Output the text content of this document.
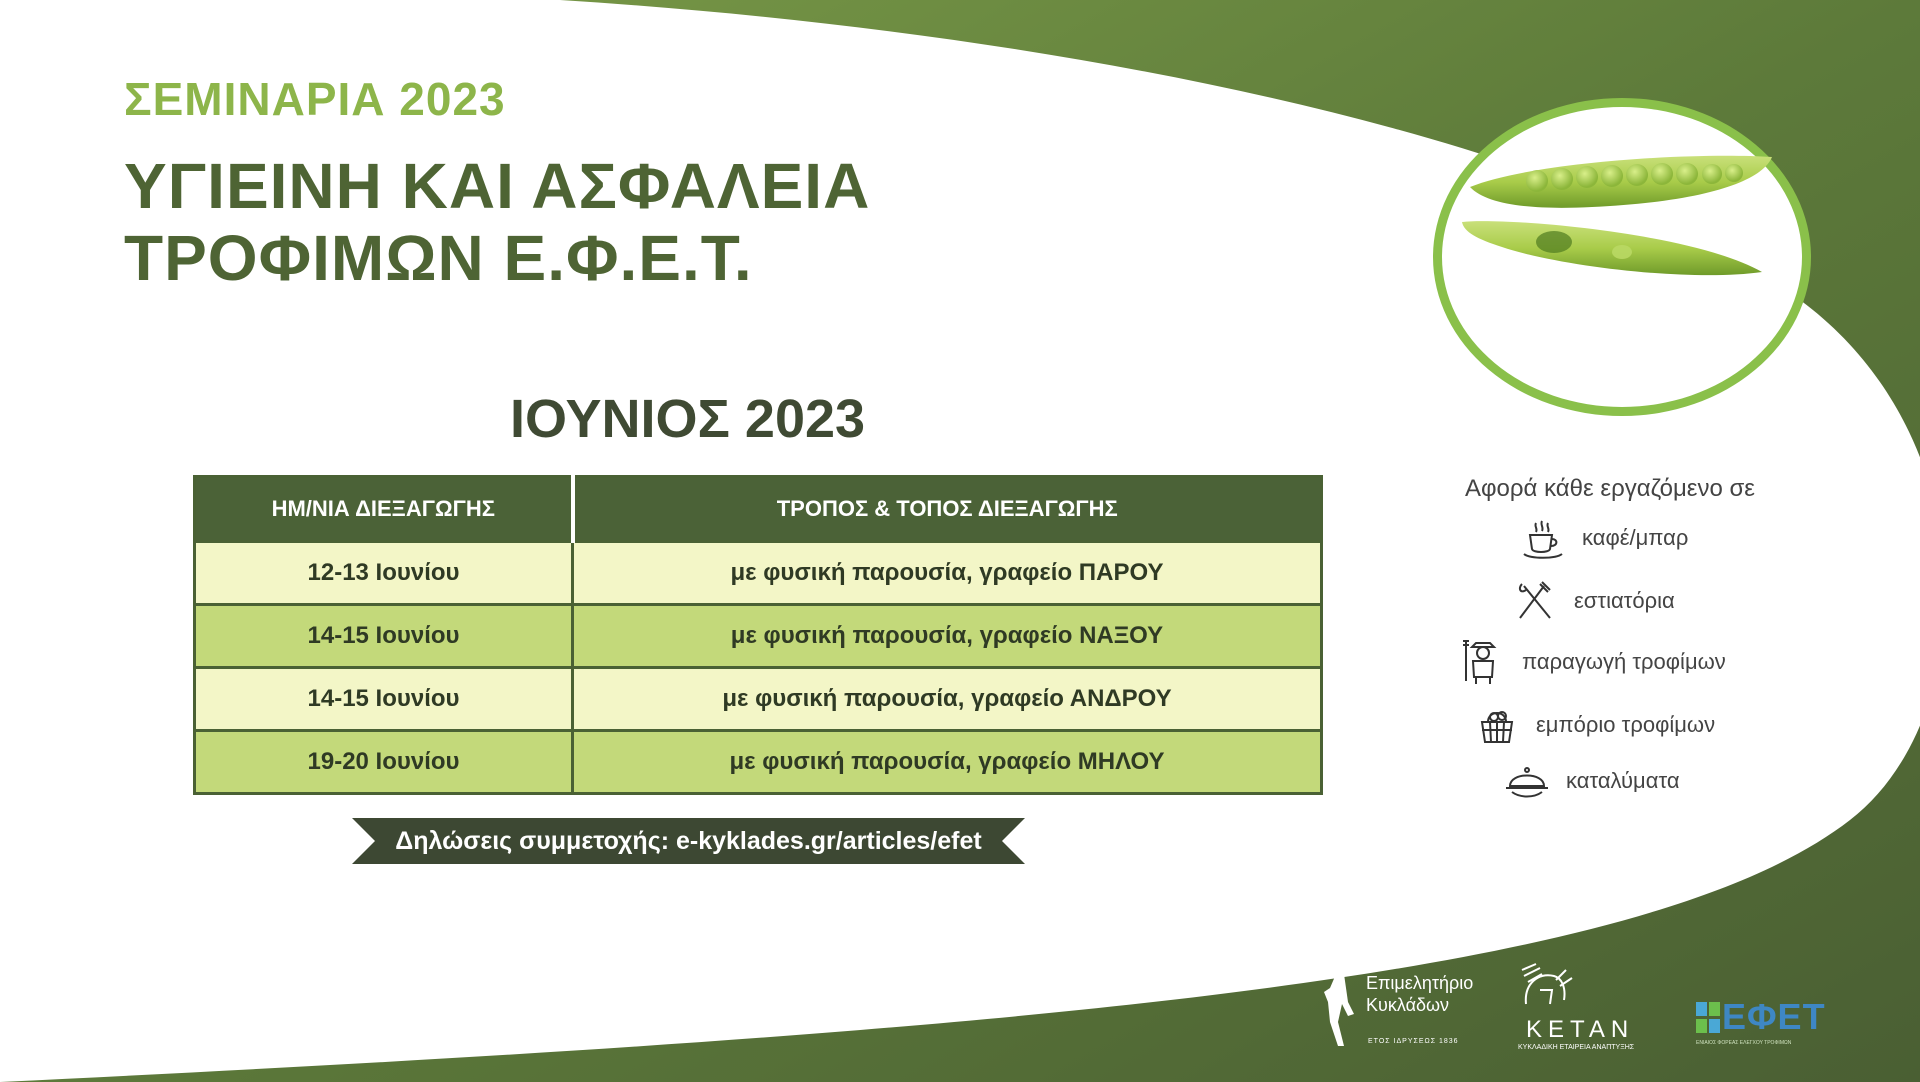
ΣΕΜΙΝΑΡΙΑ 2023
ΥΓΙΕΙΝΗ ΚΑΙ ΑΣΦΑΛΕΙΑ
ΤΡΟΦΙΜΩΝ Ε.Φ.Ε.Τ.
ΙΟΥΝΙΟΣ 2023
ΗΜ/ΝΙΑ ΔΙΕΞΑΓΩΓΗΣ	ΤΡΟΠΟΣ & ΤΟΠΟΣ ΔΙΕΞΑΓΩΓΗΣ
12-13 Ιουνίου	με φυσική παρουσία, γραφείο ΠΑΡΟΥ
14-15 Ιουνίου	με φυσική παρουσία, γραφείο ΝΑΞΟΥ
14-15 Ιουνίου	με φυσική παρουσία, γραφείο ΑΝΔΡΟΥ
19-20 Ιουνίου	με φυσική παρουσία, γραφείο ΜΗΛΟΥ
Δηλώσεις συμμετοχής: e-kyklades.gr/articles/efet
Αφορά κάθε εργαζόμενο σε
καφέ/μπαρ
εστιατόρια
παραγωγή τροφίμων
εμπόριο τροφίμων
καταλύματα
Επιμελητήριο
Κυκλάδων
ΕΤΟΣ ΙΔΡΥΣΕΩΣ 1836	ΚΕΤΑΝ
ΚΥΚΛΑΔΙΚΗ ΕΤΑΙΡΕΙΑ ΑΝΑΠΤΥΞΗΣ
ΕΦΕΤ
ΕΝΙΑΙΟΣ ΦΟΡΕΑΣ ΕΛΕΓΧΟΥ ΤΡΟΦΙΜΩΝ
